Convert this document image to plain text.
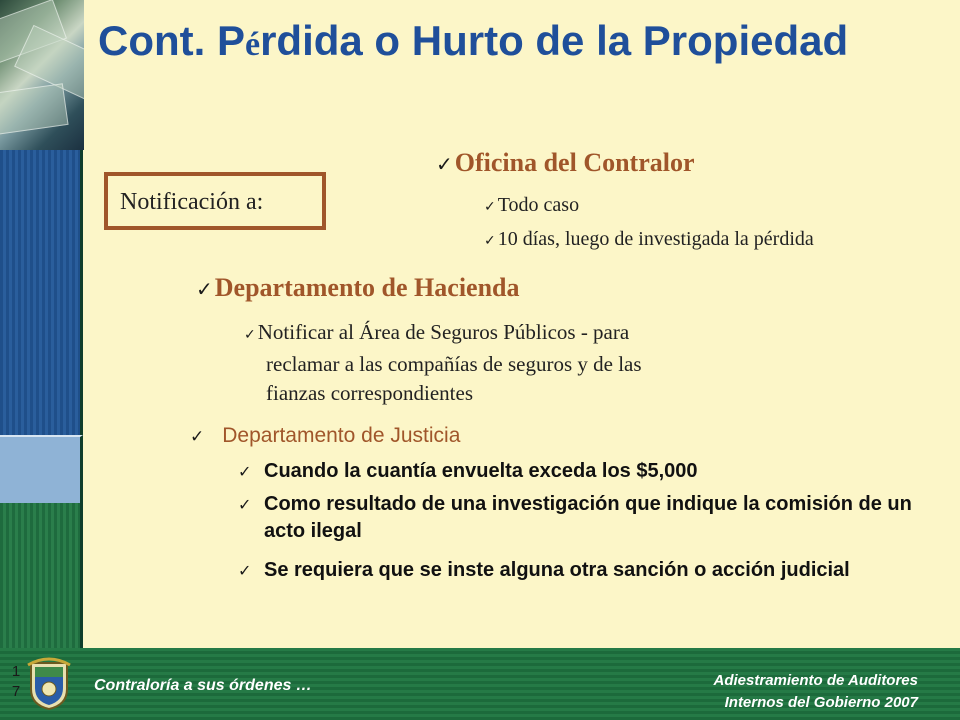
Cont. Pérdida o Hurto de la Propiedad
Notificación a:
✓Oficina del Contralor
✓ Todo caso
✓ 10 días, luego de investigada la pérdida
✓Departamento de Hacienda
✓Notificar al Área de Seguros Públicos - para
reclamar a las compañías de seguros y de las
fianzas correspondientes
✓ Departamento de Justicia
✓ Cuando la cuantía envuelta exceda los $5,000
✓ Como resultado de una investigación que indique la comisión de un acto ilegal
✓ Se requiera que se inste alguna otra sanción o acción judicial
1
7	Contraloría a sus órdenes …	Adiestramiento de Auditores
Internos del Gobierno 2007
